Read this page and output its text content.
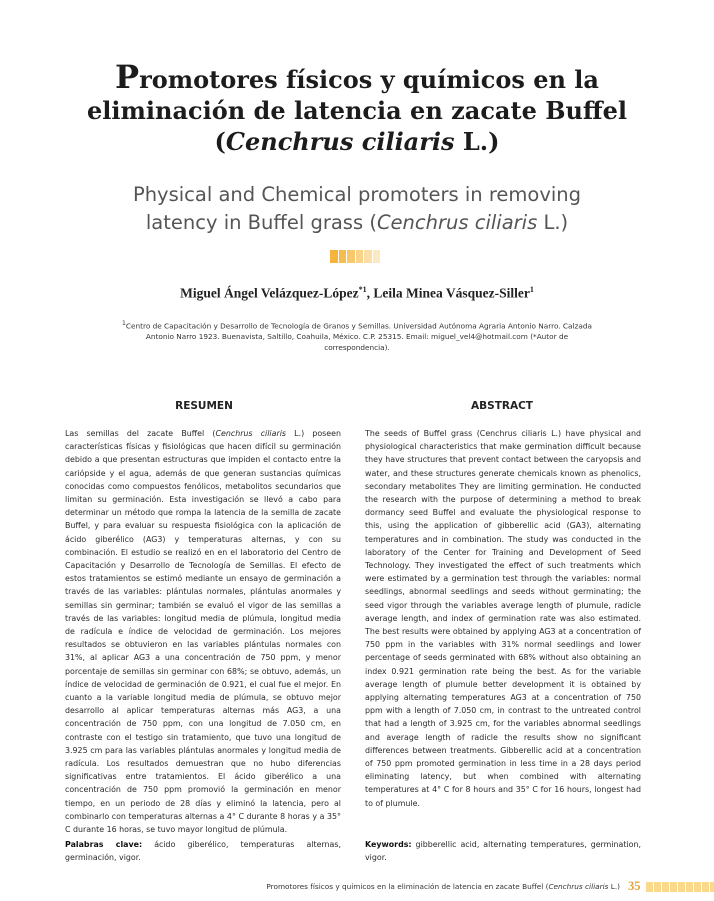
Promotores físicos y químicos en la
eliminación de latencia en zacate Buffel
(Cenchrus ciliaris L.)
Physical and Chemical promoters in removing
latency in Buffel grass (Cenchrus ciliaris L.)
Miguel Ángel Velázquez-López$^{*1}$, Leila Minea Vásquez-Siller$^1$
$^1$Centro de Capacitación y Desarrollo de Tecnología de Granos y Semillas. Universidad Autónoma Agraria Antonio Narro. Calzada Antonio Narro 1923. Buenavista, Saltillo, Coahuila, México. C.P. 25315. Email: miguel_vel4@hotmail.com (*Autor de correspondencia).
RESUMEN	ABSTRACT

Las semillas del zacate Buffel (Cenchrus ciliaris L.) poseen características físicas y fisiológicas que hacen difícil su germinación debido a que presentan estructuras que impiden el contacto entre la cariópside y el agua, además de que generan sustancias químicas conocidas como compuestos fenólicos, metabolitos secundarios que limitan su germinación. Esta investigación se llevó a cabo para determinar un método que rompa la latencia de la semilla de zacate Buffel, y para evaluar su respuesta fisiológica con la aplicación de ácido giberélico (AG3) y temperaturas alternas, y con su combinación. El estudio se realizó en en el laboratorio del Centro de Capacitación y Desarrollo de Tecnología de Semillas. El efecto de estos tratamientos se estimó mediante un ensayo de germinación a través de las variables: plántulas normales, plántulas anormales y semillas sin germinar; también se evaluó el vigor de las semillas a través de las variables: longitud media de plúmula, longitud media de radícula e índice de velocidad de germinación. Los mejores resultados se obtuvieron en las variables plántulas normales con 31%, al aplicar AG3 a una concentración de 750 ppm, y menor porcentaje de semillas sin germinar con 68%; se obtuvo, además, un índice de velocidad de germinación de 0.921, el cual fue el mejor. En cuanto a la variable longitud media de plúmula, se obtuvo mejor desarrollo al aplicar temperaturas alternas más AG3, a una concentración de 750 ppm, con una longitud de 7.050 cm, en contraste con el testigo sin tratamiento, que tuvo una longitud de 3.925 cm para las variables plántulas anormales y longitud media de radícula. Los resultados demuestran que no hubo diferencias significativas entre tratamientos. El ácido giberélico a una concentración de 750 ppm promovió la germinación en menor tiempo, en un periodo de 28 días y eliminó la latencia, pero al combinarlo con temperaturas alternas a 4° C durante 8 horas y a 35° C durante 16 horas, se tuvo mayor longitud de plúmula.

The seeds of Buffel grass (Cenchrus ciliaris L.) have physical and physiological characteristics that make germination difficult because they have structures that prevent contact between the caryopsis and water, and these structures generate chemicals known as phenolics, secondary metabolites They are limiting germination. He conducted the research with the purpose of determining a method to break dormancy seed Buffel and evaluate the physiological response to this, using the application of gibberellic acid (GA3), alternating temperatures and in combination. The study was conducted in the laboratory of the Center for Training and Development of Seed Technology. They investigated the effect of such treatments which were estimated by a germination test through the variables: normal seedlings, abnormal seedlings and seeds without germinating; the seed vigor through the variables average length of plumule, radicle average length, and index of germination rate was also estimated. The best results were obtained by applying AG3 at a concentration of 750 ppm in the variables with 31% normal seedlings and lower percentage of seeds germinated with 68% without also obtaining an index 0.921 germination rate being the best. As for the variable average length of plumule better development it is obtained by applying alternating temperatures AG3 at a concentration of 750 ppm with a length of 7.050 cm, in contrast to the untreated control that had a length of 3.925 cm, for the variables abnormal seedlings and average length of radicle the results show no significant differences between treatments. Gibberellic acid at a concentration of 750 ppm promoted germination in less time in a 28 days period eliminating latency, but when combined with alternating temperatures at 4° C for 8 hours and 35° C for 16 hours, longest had to of plumule.

Palabras clave: ácido giberélico, temperaturas alternas, germinación, vigor.
Keywords: gibberellic acid, alternating temperatures, germination, vigor.
Promotores físicos y químicos en la eliminación de latencia en zacate Buffel (Cenchrus ciliaris L.) 35
